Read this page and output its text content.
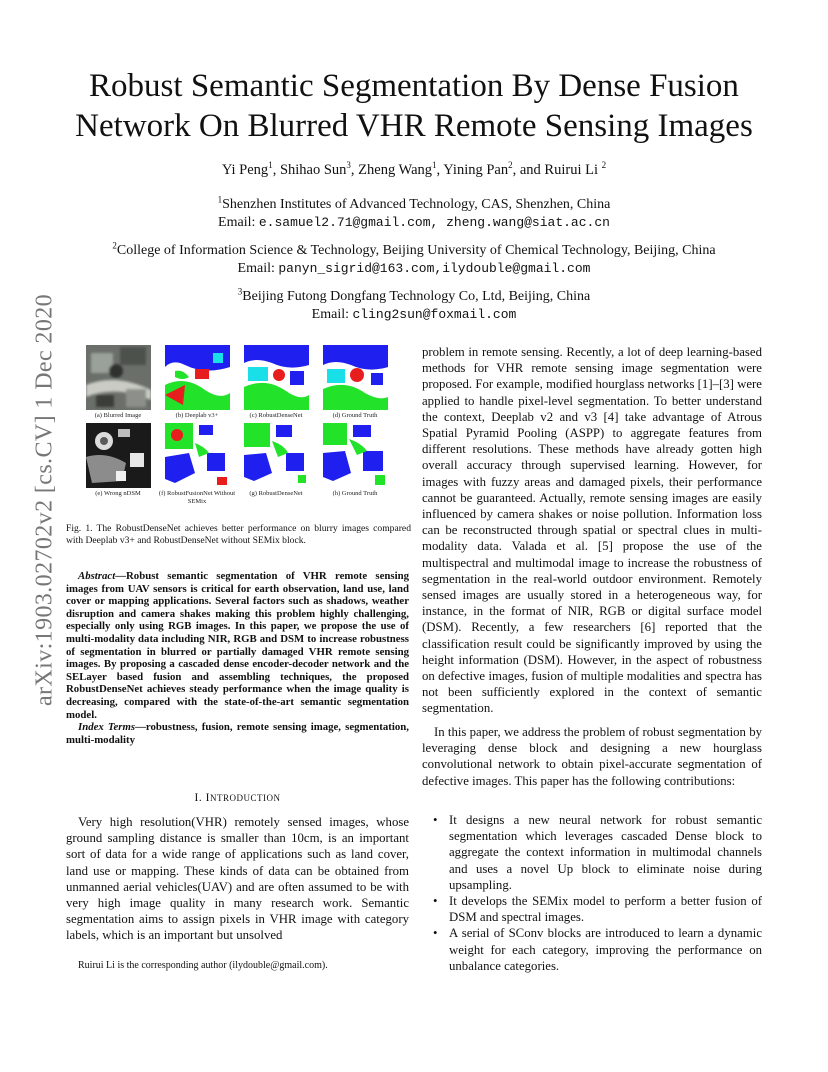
arXiv:1903.02702v2 [cs.CV] 1 Dec 2020
Robust Semantic Segmentation By Dense Fusion
Network On Blurred VHR Remote Sensing Images
Yi Peng$^1$, Shihao Sun$^3$, Zheng Wang$^1$, Yining Pan$^2$, and Ruirui Li $^2$
$^1$Shenzhen Institutes of Advanced Technology, CAS, Shenzhen, China
Email: e.samuel2.71@gmail.com, zheng.wang@siat.ac.cn
$^2$College of Information Science & Technology, Beijing University of Chemical Technology, Beijing, China
Email: panyn_sigrid@163.com,ilydouble@gmail.com
$^3$Beijing Futong Dongfang Technology Co, Ltd, Beijing, China
Email: cling2sun@foxmail.com
(a) Blurred Image	(b) Deeplab v3+	(c) RobustDenseNet	(d) Ground Truth
(e) Wrong nDSM	(f) RobustFusionNet Without SEMix
(g) RobustDenseNet	(h) Ground Truth
Fig. 1. The RobustDenseNet achieves better performance on blurry images compared with Deeplab v3+ and RobustDenseNet without SEMix block.
Abstract—Robust semantic segmentation of VHR remote sensing images from UAV sensors is critical for earth observation, land use, land cover or mapping applications. Several factors such as shadows, weather disruption and camera shakes making this problem highly challenging, especially only using RGB images. In this paper, we propose the use of multi-modality data including NIR, RGB and DSM to increase robustness of segmentation in blurred or partially damaged VHR remote sensing images. By proposing a cascaded dense encoder-decoder network and the SELayer based fusion and assembling techniques, the proposed RobustDenseNet achieves steady performance when the image quality is decreasing, compared with the state-of-the-art semantic segmentation model.
Index Terms—robustness, fusion, remote sensing image, segmentation, multi-modality
I. INTRODUCTION
Very high resolution(VHR) remotely sensed images, whose ground sampling distance is smaller than 10cm, is an important sort of data for a wide range of applications such as land cover, land use or mapping. These kinds of data can be obtained from unmanned aerial vehicles(UAV) and are often assumed to be with very high image quality in many research work. Semantic segmentation aims to assign pixels in VHR image with category labels, which is an important but unsolved
Ruirui Li is the corresponding author (ilydouble@gmail.com).
problem in remote sensing. Recently, a lot of deep learning-based methods for VHR remote sensing image segmentation were proposed. For example, modified hourglass networks [1]–[3] were applied to handle pixel-level segmentation. To better understand the context, Deeplab v2 and v3 [4] take advantage of Atrous Spatial Pyramid Pooling (ASPP) to aggregate features from different resolutions. These methods have already gotten high overall accuracy through supervised learning. However, for images with fuzzy areas and damaged pixels, their performance cannot be guaranteed. Actually, remote sensing images are easily influenced by camera shakes or noise pollution. Information loss can be reconstructed through spatial or spectral clues in multi-modality data. Valada et al. [5] propose the use of the multispectral and multimodal image to increase the robustness of segmentation in the real-world outdoor environment. Remotely sensed images are usually stored in a heterogeneous way, for instance, in the format of NIR, RGB or digital surface model (DSM). Recently, a few researchers [6] reported that the classification result could be significantly improved by using the height information (DSM). However, in the aspect of robustness on defective images, fusion of multiple modalities and spectra has not been sufficiently explored in the context of semantic segmentation.
In this paper, we address the problem of robust segmentation by leveraging dense block and designing a new hourglass convolutional network to obtain pixel-accurate segmentation of defective images. This paper has the following contributions:
• It designs a new neural network for robust semantic segmentation which leverages cascaded Dense block to aggregate the context information in multimodal channels and uses a novel Up block to eliminate noise during upsampling.
• It develops the SEMix model to perform a better fusion of DSM and spectral images.
• A serial of SConv blocks are introduced to learn a dynamic weight for each category, improving the performance on unbalance categories.
